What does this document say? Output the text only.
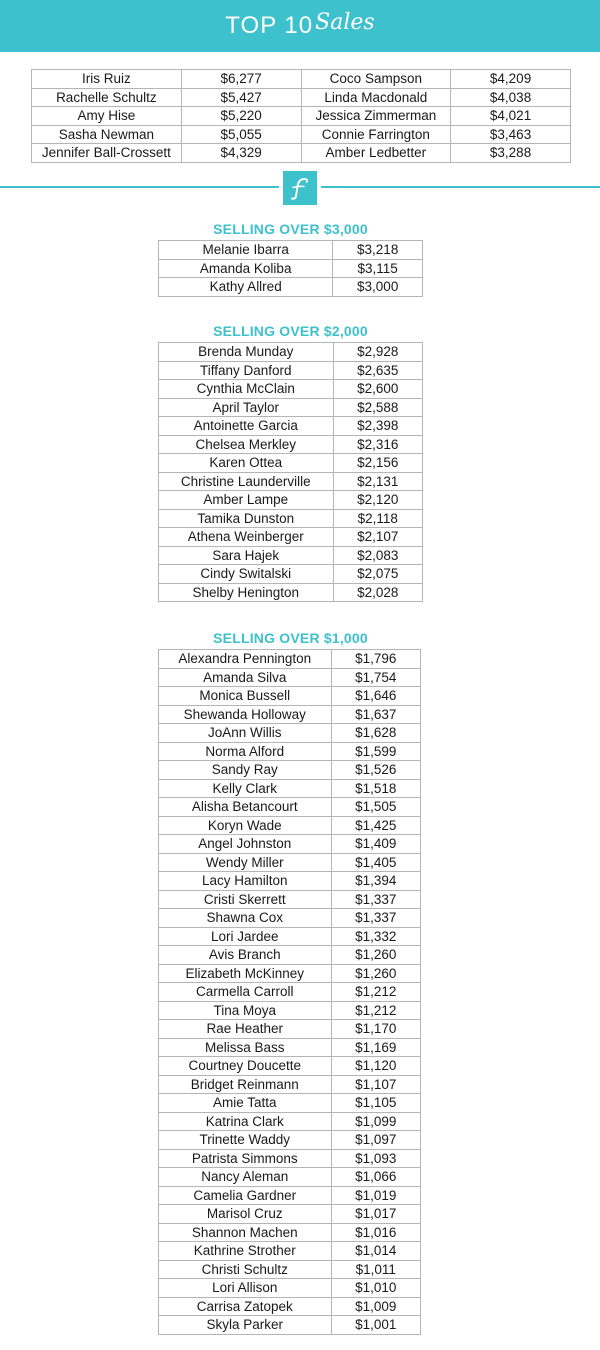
TOP 10 Sales
Iris Ruiz	$6,277	Coco Sampson	$4,209
Rachelle Schultz	$5,427	Linda Macdonald	$4,038
Amy Hise	$5,220	Jessica Zimmerman	$4,021
Sasha Newman	$5,055	Connie Farrington	$3,463
Jennifer Ball-Crossett	$4,329	Amber Ledbetter	$3,288
SELLING OVER $3,000
Melanie Ibarra	$3,218
Amanda Koliba	$3,115
Kathy Allred	$3,000
SELLING OVER $2,000
Brenda Munday	$2,928
Tiffany Danford	$2,635
Cynthia McClain	$2,600
April Taylor	$2,588
Antoinette Garcia	$2,398
Chelsea Merkley	$2,316
Karen Ottea	$2,156
Christine Launderville	$2,131
Amber Lampe	$2,120
Tamika Dunston	$2,118
Athena Weinberger	$2,107
Sara Hajek	$2,083
Cindy Switalski	$2,075
Shelby Henington	$2,028
SELLING OVER $1,000
Alexandra Pennington	$1,796
Amanda Silva	$1,754
Monica Bussell	$1,646
Shewanda Holloway	$1,637
JoAnn Willis	$1,628
Norma Alford	$1,599
Sandy Ray	$1,526
Kelly Clark	$1,518
Alisha Betancourt	$1,505
Koryn Wade	$1,425
Angel Johnston	$1,409
Wendy Miller	$1,405
Lacy Hamilton	$1,394
Cristi Skerrett	$1,337
Shawna Cox	$1,337
Lori Jardee	$1,332
Avis Branch	$1,260
Elizabeth McKinney	$1,260
Carmella Carroll	$1,212
Tina Moya	$1,212
Rae Heather	$1,170
Melissa Bass	$1,169
Courtney Doucette	$1,120
Bridget Reinmann	$1,107
Amie Tatta	$1,105
Katrina Clark	$1,099
Trinette Waddy	$1,097
Patrista Simmons	$1,093
Nancy Aleman	$1,066
Camelia Gardner	$1,019
Marisol Cruz	$1,017
Shannon Machen	$1,016
Kathrine Strother	$1,014
Christi Schultz	$1,011
Lori Allison	$1,010
Carrisa Zatopek	$1,009
Skyla Parker	$1,001
